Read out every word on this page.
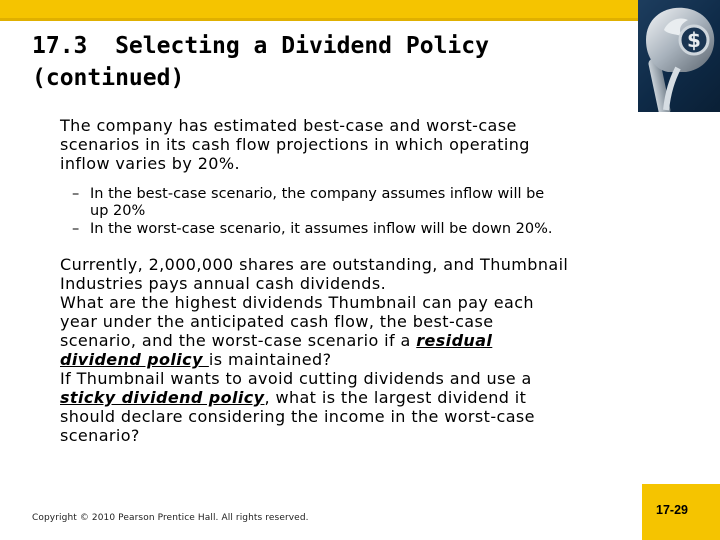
$
17.3  Selecting a Dividend Policy
(continued)

The company has estimated best-case and worst-case
scenarios in its cash flow projections in which operating
inflow varies by 20%.

– In the best-case scenario, the company assumes inflow will be
up 20%
– In the worst-case scenario, it assumes inflow will be down 20%.

Currently, 2,000,000 shares are outstanding, and Thumbnail
Industries pays annual cash dividends.

What are the highest dividends Thumbnail can pay each
year under the anticipated cash flow, the best-case
scenario, and the worst-case scenario if a residual
dividend policy is maintained?

If Thumbnail wants to avoid cutting dividends and use a
sticky dividend policy, what is the largest dividend it
should declare considering the income in the worst-case
scenario?

Copyright © 2010 Pearson Prentice Hall. All rights reserved.
17-29
